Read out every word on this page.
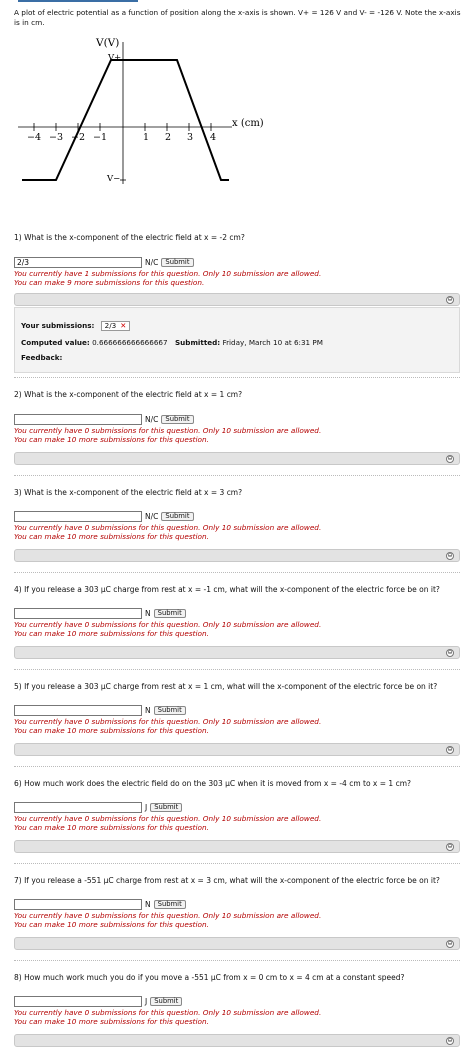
A plot of electric potential as a function of position along the x-axis is shown. V+ = 126 V and V- = -126 V. Note the x-axis is in cm.
−4 −3 −2 −1	1 2 3 4
V(V)
V+
V−
x (cm)
1) What is the x-component of the electric field at x = -2 cm?
2/3
N/C	Submit
You currently have 1 submissions for this question. Only 10 submission are allowed.
You can make 9 more submissions for this question.
⊖
Your submissions: 2/3 ✕
Computed value: 0.666666666666667 Submitted: Friday, March 10 at 6:31 PM
Feedback:
2) What is the x-component of the electric field at x = 1 cm?
N/C	Submit
You currently have 0 submissions for this question. Only 10 submission are allowed.
You can make 10 more submissions for this question.
⊖
3) What is the x-component of the electric field at x = 3 cm?
N/C	Submit
You currently have 0 submissions for this question. Only 10 submission are allowed.
You can make 10 more submissions for this question.
⊖
4) If you release a 303 μC charge from rest at x = -1 cm, what will the x-component of the electric force be on it?
N	Submit
You currently have 0 submissions for this question. Only 10 submission are allowed.
You can make 10 more submissions for this question.
⊖
5) If you release a 303 μC charge from rest at x = 1 cm, what will the x-component of the electric force be on it?
N	Submit
You currently have 0 submissions for this question. Only 10 submission are allowed.
You can make 10 more submissions for this question.
⊖
6) How much work does the electric field do on the 303 μC when it is moved from x = -4 cm to x = 1 cm?
J	Submit
You currently have 0 submissions for this question. Only 10 submission are allowed.
You can make 10 more submissions for this question.
⊖
7) If you release a -551 μC charge from rest at x = 3 cm, what will the x-component of the electric force be on it?
N	Submit
You currently have 0 submissions for this question. Only 10 submission are allowed.
You can make 10 more submissions for this question.
⊖
8) How much work much you do if you move a -551 μC from x = 0 cm to x = 4 cm at a constant speed?
J	Submit
You currently have 0 submissions for this question. Only 10 submission are allowed.
You can make 10 more submissions for this question.
⊖
